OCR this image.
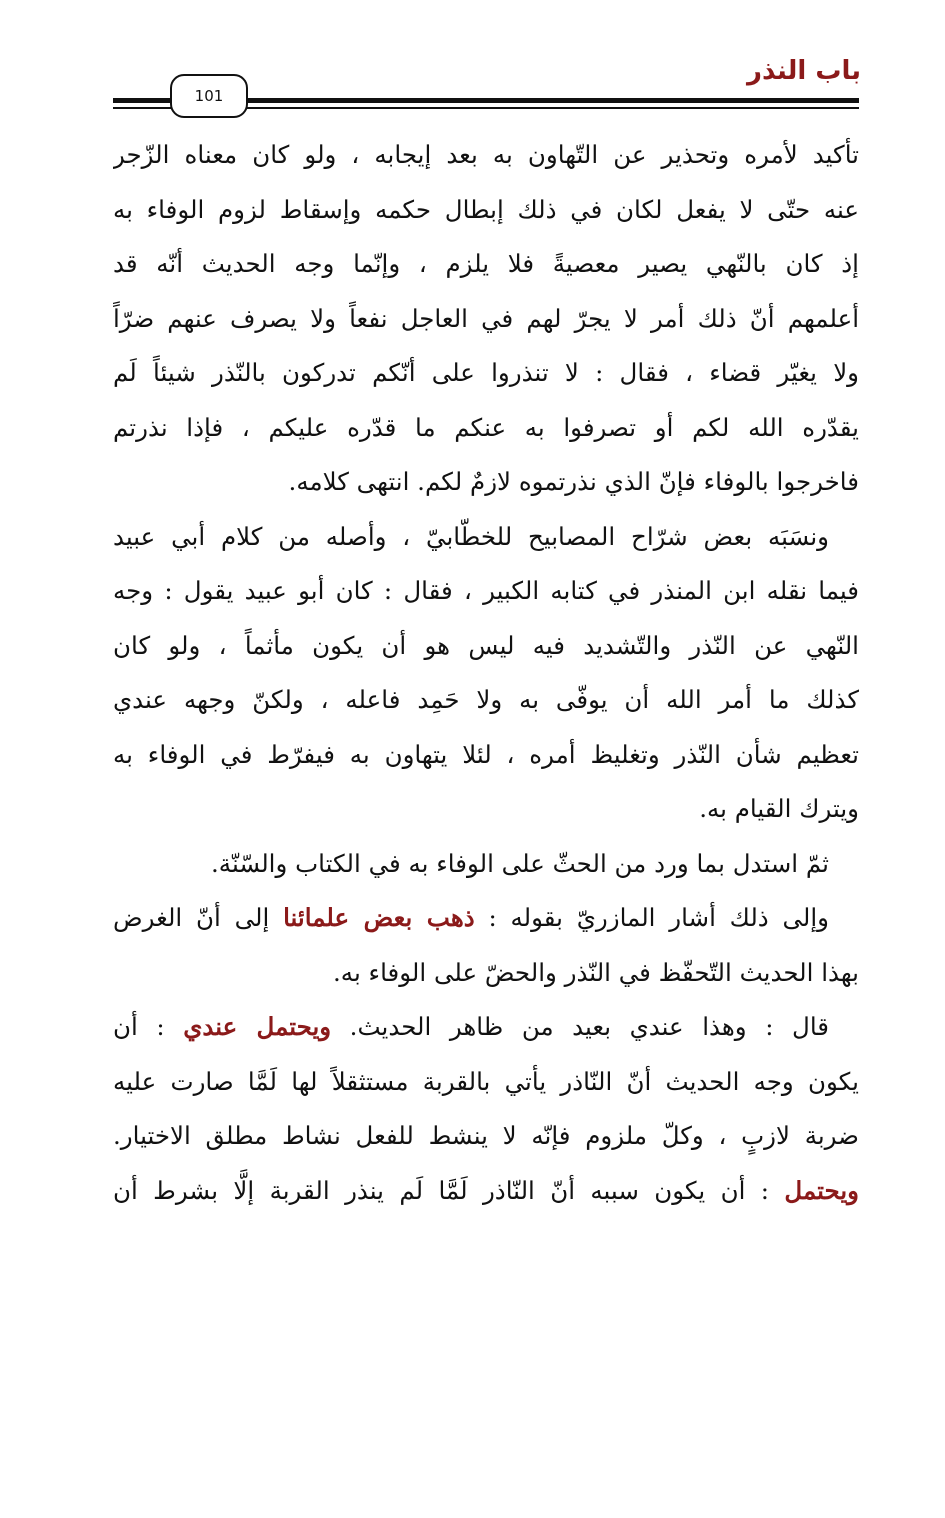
باب النذر
101
تأكيد لأمره وتحذير عن التّهاون به بعد إيجابه ، ولو كان معناه الزّجر
عنه حتّى لا يفعل لكان في ذلك إبطال حكمه وإسقاط لزوم الوفاء به
إذ كان بالنّهي يصير معصيةً فلا يلزم ، وإنّما وجه الحديث أنّه قد
أعلمهم أنّ ذلك أمر لا يجرّ لهم في العاجل نفعاً ولا يصرف عنهم ضرّاً
ولا يغيّر قضاء ، فقال : لا تنذروا على أنّكم تدركون بالنّذر شيئاً لَم
يقدّره الله لكم أو تصرفوا به عنكم ما قدّره عليكم ، فإذا نذرتم
فاخرجوا بالوفاء فإنّ الذي نذرتموه لازمٌ لكم. انتهى كلامه.
ونسَبَه بعض شرّاح المصابيح للخطّابيّ ، وأصله من كلام أبي عبيد
فيما نقله ابن المنذر في كتابه الكبير ، فقال : كان أبو عبيد يقول : وجه
النّهي عن النّذر والتّشديد فيه ليس هو أن يكون مأثماً ، ولو كان
كذلك ما أمر الله أن يوفّى به ولا حَمِد فاعله ، ولكنّ وجهه عندي
تعظيم شأن النّذر وتغليظ أمره ، لئلا يتهاون به فيفرّط في الوفاء به
ويترك القيام به.
ثمّ استدل بما ورد من الحثّ على الوفاء به في الكتاب والسّنّة.
وإلى ذلك أشار المازريّ بقوله : ذهب بعض علمائنا إلى أنّ الغرض
بهذا الحديث التّحفّظ في النّذر والحضّ على الوفاء به.
قال : وهذا عندي بعيد من ظاهر الحديث. ويحتمل عندي : أن
يكون وجه الحديث أنّ النّاذر يأتي بالقربة مستثقلاً لها لَمَّا صارت عليه
ضربة لازبٍ ، وكلّ ملزوم فإنّه لا ينشط للفعل نشاط مطلق الاختيار.
ويحتمل : أن يكون سببه أنّ النّاذر لَمَّا لَم ينذر القربة إلَّا بشرط أن
